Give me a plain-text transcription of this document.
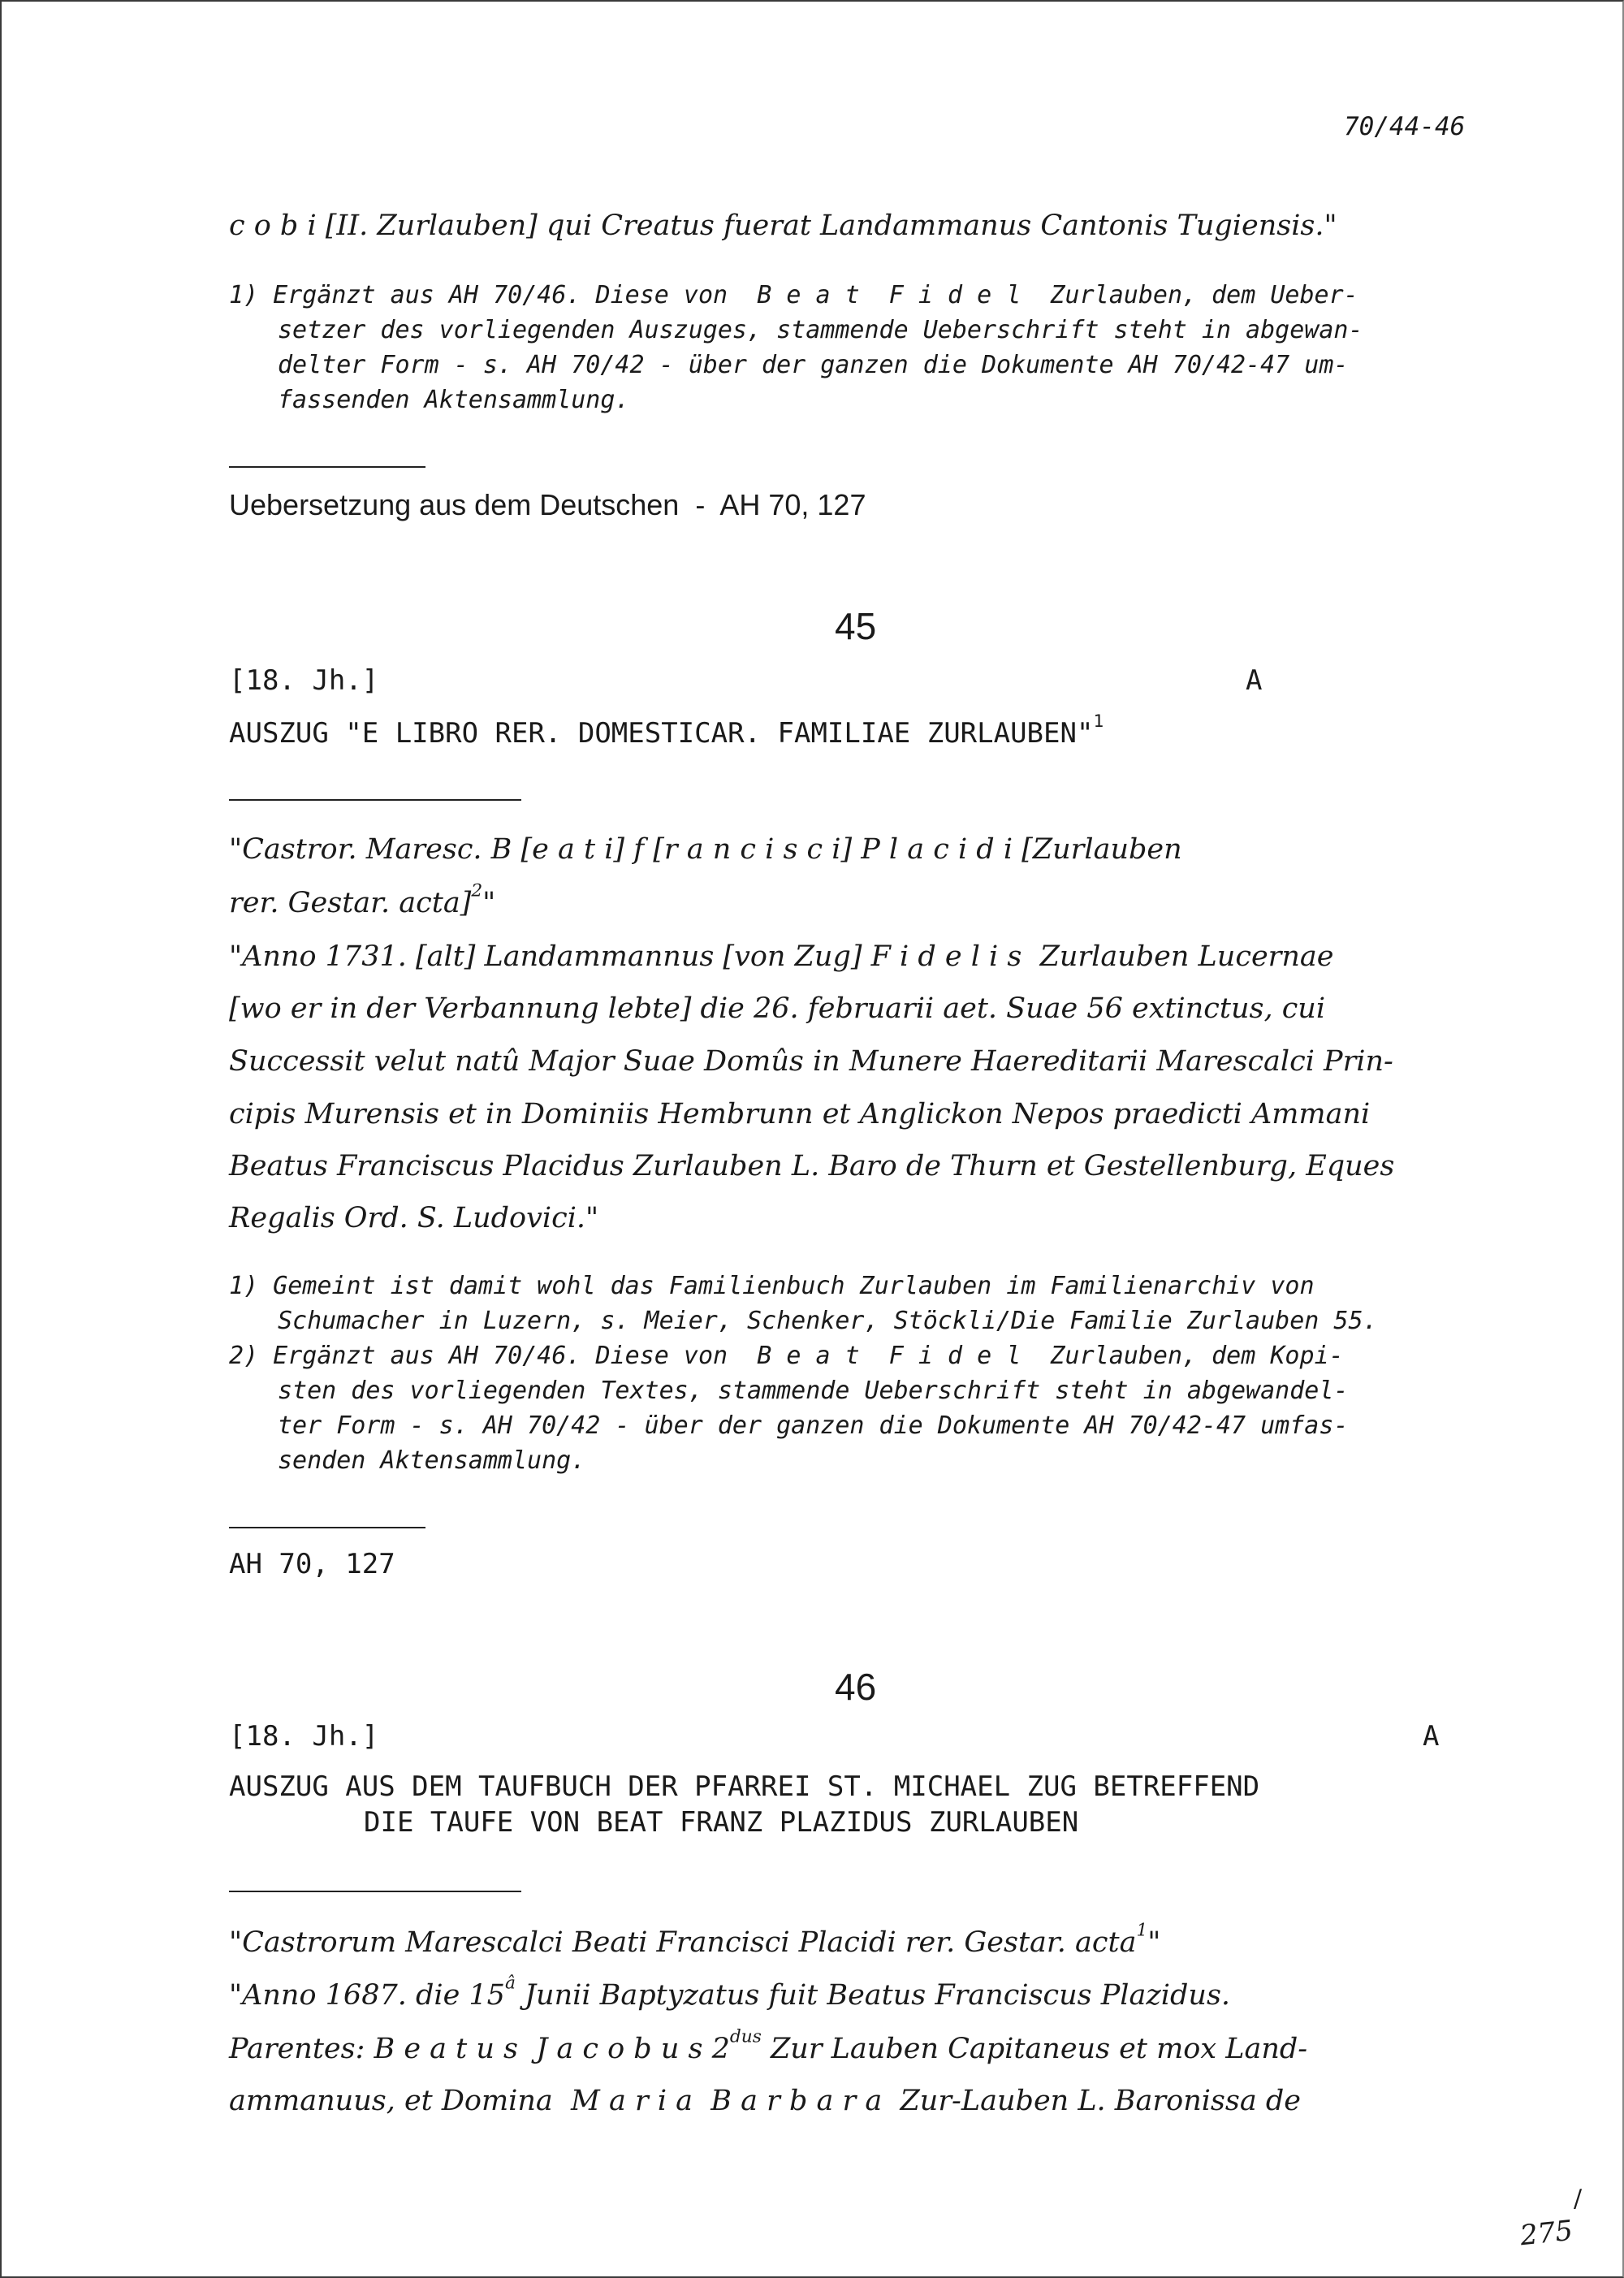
70/44-46
c o b i [II. Zurlauben] qui Creatus fuerat Landammanus Cantonis Tugiensis."
1) Ergänzt aus AH 70/46. Diese von  B e a t  F i d e l  Zurlauben, dem Ueber-
setzer des vorliegenden Auszuges, stammende Ueberschrift steht in abgewan-
delter Form - s. AH 70/42 - über der ganzen die Dokumente AH 70/42-47 um-
fassenden Aktensammlung.
Uebersetzung aus dem Deutschen  -  AH 70, 127
45
[18. Jh.]	A
AUSZUG "E LIBRO RER. DOMESTICAR. FAMILIAE ZURLAUBEN"$^1$
"Castror. Maresc. B [e a t i] f [r a n c i s c i] P l a c i d i [Zurlauben
rer. Gestar. acta]$^2$"
"Anno 1731. [alt] Landammannus [von Zug] F i d e l i s  Zurlauben Lucernae
[wo er in der Verbannung lebte] die 26. februarii aet. Suae 56 extinctus, cui
Successit velut natû Major Suae Domûs in Munere Haereditarii Marescalci Prin-
cipis Murensis et in Dominiis Hembrunn et Anglickon Nepos praedicti Ammani
Beatus Franciscus Placidus Zurlauben L. Baro de Thurn et Gestellenburg, Eques
Regalis Ord. S. Ludovici."
1) Gemeint ist damit wohl das Familienbuch Zurlauben im Familienarchiv von
Schumacher in Luzern, s. Meier, Schenker, Stöckli/Die Familie Zurlauben 55.
2) Ergänzt aus AH 70/46. Diese von  B e a t  F i d e l  Zurlauben, dem Kopi-
sten des vorliegenden Textes, stammende Ueberschrift steht in abgewandel-
ter Form - s. AH 70/42 - über der ganzen die Dokumente AH 70/42-47 umfas-
senden Aktensammlung.
AH 70, 127
46
[18. Jh.]	A
AUSZUG AUS DEM TAUFBUCH DER PFARREI ST. MICHAEL ZUG BETREFFEND
DIE TAUFE VON BEAT FRANZ PLAZIDUS ZURLAUBEN
"Castrorum Marescalci Beati Francisci Placidi rer. Gestar. acta$^1$"
"Anno 1687. die $15^â$ Junii Baptyzatus fuit Beatus Franciscus Plazidus.
Parentes: B e a t u s  J a c o b u s $2^{dus}$ Zur Lauben Capitaneus et mox Land-
ammanuus, et Domina  M a r i a  B a r b a r a  Zur-Lauben L. Baronissa de
/
275
